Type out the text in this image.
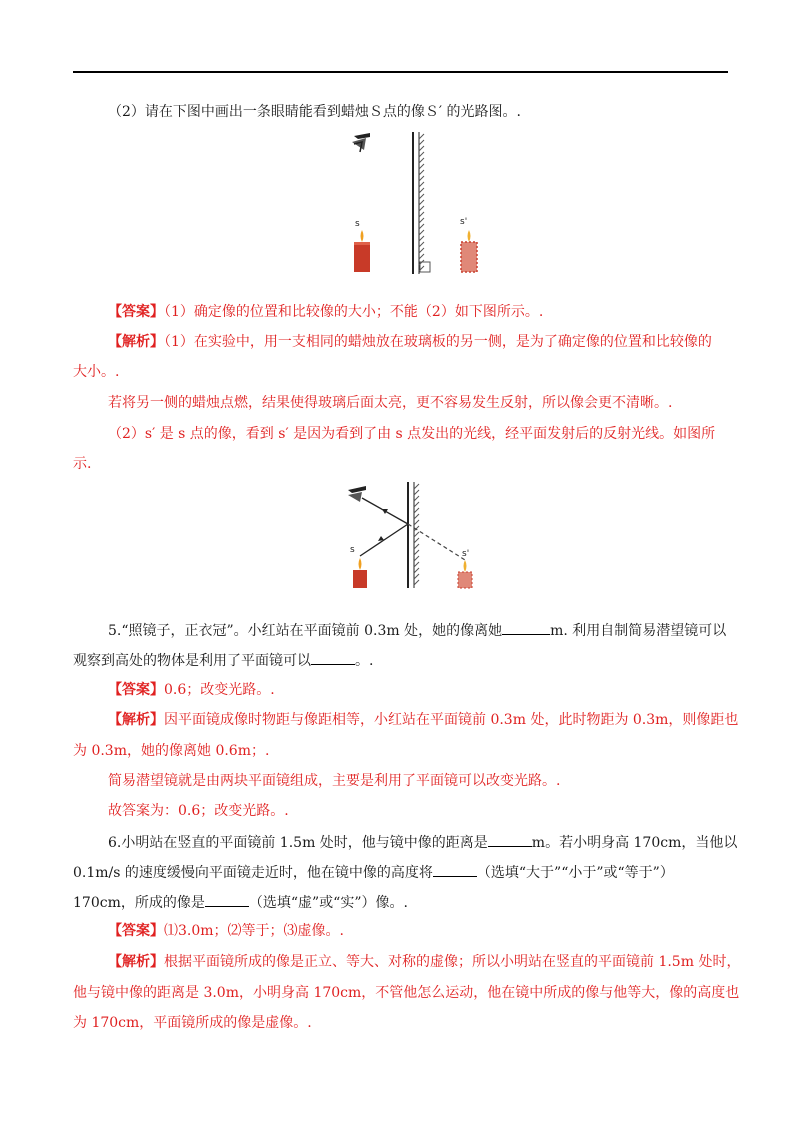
（2）请在下图中画出一条眼睛能看到蜡烛Ｓ点的像Ｓ′ 的光路图。.
s	s'
【答案】（1）确定像的位置和比较像的大小；不能（2）如下图所示。.
【解析】（1）在实验中，用一支相同的蜡烛放在玻璃板的另一侧，是为了确定像的位置和比较像的
大小。.
若将另一侧的蜡烛点燃，结果使得玻璃后面太亮，更不容易发生反射，所以像会更不清晰。.
（2）s′ 是 s 点的像，看到 s′ 是因为看到了由 s 点发出的光线，经平面发射后的反射光线。如图所
示.
s	s'
5.“照镜子，正衣冠”。小红站在平面镜前 0.3m 处，她的像离她	m. 利用自制简易潜望镜可以
观察到高处的物体是利用了平面镜可以	。.
【答案】0.6；改变光路。.
【解析】因平面镜成像时物距与像距相等，小红站在平面镜前 0.3m 处，此时物距为 0.3m，则像距也
为 0.3m，她的像离她 0.6m；.
简易潜望镜就是由两块平面镜组成，主要是利用了平面镜可以改变光路。.
故答案为：0.6；改变光路。.
6.小明站在竖直的平面镜前 1.5m 处时，他与镜中像的距离是	m。若小明身高 170cm，当他以
0.1m/s 的速度缓慢向平面镜走近时，他在镜中像的高度将	（选填“大于”“小于”或“等于”）
170cm，所成的像是	（选填“虚”或“实”）像。.
【答案】⑴3.0m；⑵等于；⑶虚像。.
【解析】根据平面镜所成的像是正立、等大、对称的虚像；所以小明站在竖直的平面镜前 1.5m 处时，
他与镜中像的距离是 3.0m，小明身高 170cm，不管他怎么运动，他在镜中所成的像与他等大，像的高度也
为 170cm，平面镜所成的像是虚像。.
